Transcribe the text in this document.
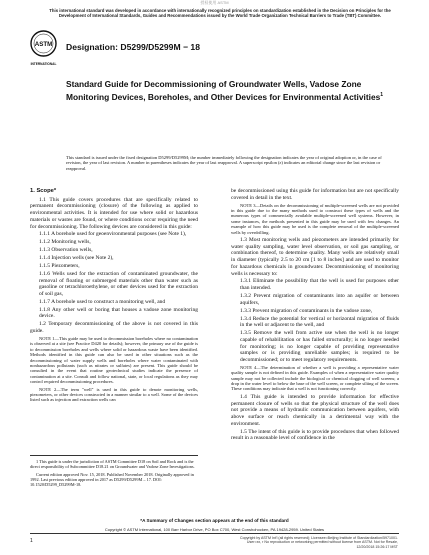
授权使用 ASTM
This international standard was developed in accordance with internationally recognized principles on standardization established in the Decision on Principles for the Development of International Standards, Guides and Recommendations issued by the World Trade Organization Technical Barriers to Trade (TBT) Committee.
ASTM
INTERNATIONAL
Designation: D5299/D5299M − 18
Standard Guide for Decommissioning of Groundwater Wells, Vadose Zone Monitoring Devices, Boreholes, and Other Devices for Environmental Activities$^1$
This standard is issued under the fixed designation D5299/D5299M; the number immediately following the designation indicates the year of original adoption or, in the case of revision, the year of last revision. A number in parentheses indicates the year of last reapproval. A superscript epsilon (ε) indicates an editorial change since the last revision or reapproval.

1. Scope*

1.1 This guide covers procedures that are specifically related to permanent decommissioning (closure) of the following as applied to environmental activities. It is intended for use where solid or hazardous materials or wastes are found, or where conditions occur requiring the need for decommissioning. The following devices are considered in this guide:

1.1.1 A borehole used for geoenvironmental purposes (see Note 1),

1.1.2 Monitoring wells,

1.1.3 Observation wells,

1.1.4 Injection wells (see Note 2),

1.1.5 Piezometers,

1.1.6 Wells used for the extraction of contaminated groundwater, the removal of floating or submerged materials other than water such as gasoline or tetrachloroethylene, or other devices used for the extraction of soil gas,

1.1.7 A borehole used to construct a monitoring well, and

1.1.8 Any other well or boring that houses a vadose zone monitoring device.

1.2 Temporary decommissioning of the above is not covered in this guide.

NOTE 1—This guide may be used to decommission boreholes where no contamination is observed at a site (see Practice D420 for details); however, the primary use of the guide is to decommission boreholes and wells where solid or hazardous waste have been identified. Methods identified in this guide can also be used in other situations such as the decommissioning of water supply wells and boreholes where water contaminated with nonhazardous pollutants (such as nitrates or sulfates) are present. This guide should be consulted in the event that routine geotechnical studies indicate the presence of contamination at a site. Consult and follow national, state, or local regulations as they may control required decommissioning procedures.

NOTE 2—The term "well" is used in this guide to denote monitoring wells, piezometers, or other devices constructed in a manner similar to a well. Some of the devices listed such as injection and extraction wells can

1 This guide is under the jurisdiction of ASTM Committee D18 on Soil and Rock and is the direct responsibility of Subcommittee D18.21 on Groundwater and Vadose Zone Investigations.

Current edition approved Nov. 15, 2018. Published November 2018. Originally approved in 1992. Last previous edition approved in 2017 as D5299/D5299M – 17. DOI: 10.1520/D5299_D5299M-18.

be decommissioned using this guide for information but are not specifically covered in detail in the text.

NOTE 3—Details on the decommissioning of multiple-screened wells are not provided in this guide due to the many methods used to construct these types of wells and the numerous types of commercially available multiple-screened well systems. However, in some instances, the methods presented in this guide may be used with few changes. An example of how this guide may be used is the complete removal of the multiple-screened wells by overdrilling.

1.3 Most monitoring wells and piezometers are intended primarily for water quality sampling, water level observation, or soil gas sampling, or combination thereof, to determine quality. Many wells are relatively small in diameter (typically 2.5 to 20 cm [1 to 8 inches] and are used to monitor for hazardous chemicals in groundwater. Decommissioning of monitoring wells is necessary to:

1.3.1 Eliminate the possibility that the well is used for purposes other than intended.

1.3.2 Prevent migration of contaminants into an aquifer or between aquifers,

1.3.3 Prevent migration of contaminants in the vadose zone,

1.3.4 Reduce the potential for vertical or horizontal migration of fluids in the well or adjacent to the well, and

1.3.5 Remove the well from active use when the well is no longer capable of rehabilitation or has failed structurally; is no longer needed for monitoring; is no longer capable of providing representative samples or is providing unreliable samples; is required to be decommissioned; or to meet regulatory requirements.

NOTE 4—The determination of whether a well is providing a representative water quality sample is not defined in this guide. Examples of when a representative water quality sample may not be collected include the biological or chemical clogging of well screens; a drop in the water level to below the base of the well screen, or complete silting of the screen. These conditions may indicate that a well is not functioning correctly.

1.4 This guide is intended to provide information for effective permanent closure of wells so that the physical structure of the well does not provide a means of hydraulic communication between aquifers, with above surface or reach chemically in a detrimental way with the environment.

1.5 The intent of this guide is to provide procedures that when followed result in a reasonable level of confidence in the

*A Summary of Changes section appears at the end of this standard
Copyright © ASTM International, 100 Barr Harbor Drive, PO Box C700, West Conshohocken, PA 19428-2959. United States
1	Copyright by ASTM Int'l (all rights reserved); Licensee=Beijing Institute of Standardization/5971001. User=xx, r No reproduction or networking permitted without license from ASTM. Not for Resale, 12/20/2018 15:26:17 MST
